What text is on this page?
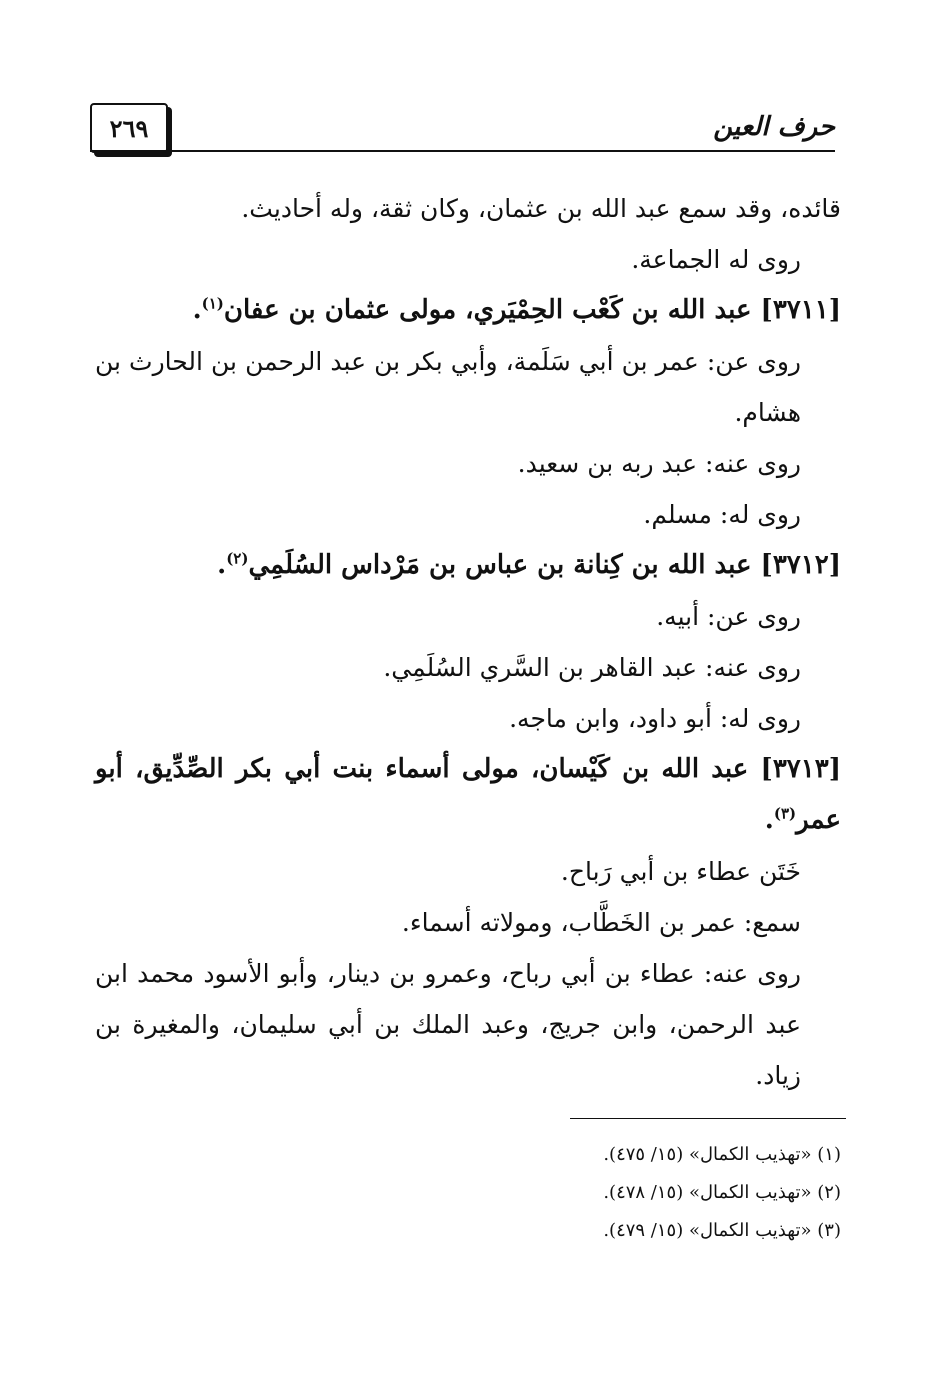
٢٦٩	حرف العين

قائده، وقد سمع عبد الله بن عثمان، وكان ثقة، وله أحاديث.

روى له الجماعة.

[٣٧١١] عبد الله بن كَعْب الحِمْيَري، مولى عثمان بن عفان$^{(١)}$.

روى عن: عمر بن أبي سَلَمة، وأبي بكر بن عبد الرحمن بن الحارث بن هشام.

روى عنه: عبد ربه بن سعيد.

روى له: مسلم.

[٣٧١٢] عبد الله بن كِنانة بن عباس بن مَرْداس السُلَمِي$^{(٢)}$.

روى عن: أبيه.

روى عنه: عبد القاهر بن السَّري السُلَمِي.

روى له: أبو داود، وابن ماجه.

[٣٧١٣] عبد الله بن كَيْسان، مولى أسماء بنت أبي بكر الصِّدِّيق، أبو عمر$^{(٣)}$.

خَتَن عطاء بن أبي رَباح.

سمع: عمر بن الخَطَّاب، ومولاته أسماء.

روى عنه: عطاء بن أبي رباح، وعمرو بن دينار، وأبو الأسود محمد ابن عبد الرحمن، وابن جريج، وعبد الملك بن أبي سليمان، والمغيرة بن زياد.

(١) «تهذيب الكمال» (١٥/ ٤٧٥).
(٢) «تهذيب الكمال» (١٥/ ٤٧٨).
(٣) «تهذيب الكمال» (١٥/ ٤٧٩).
